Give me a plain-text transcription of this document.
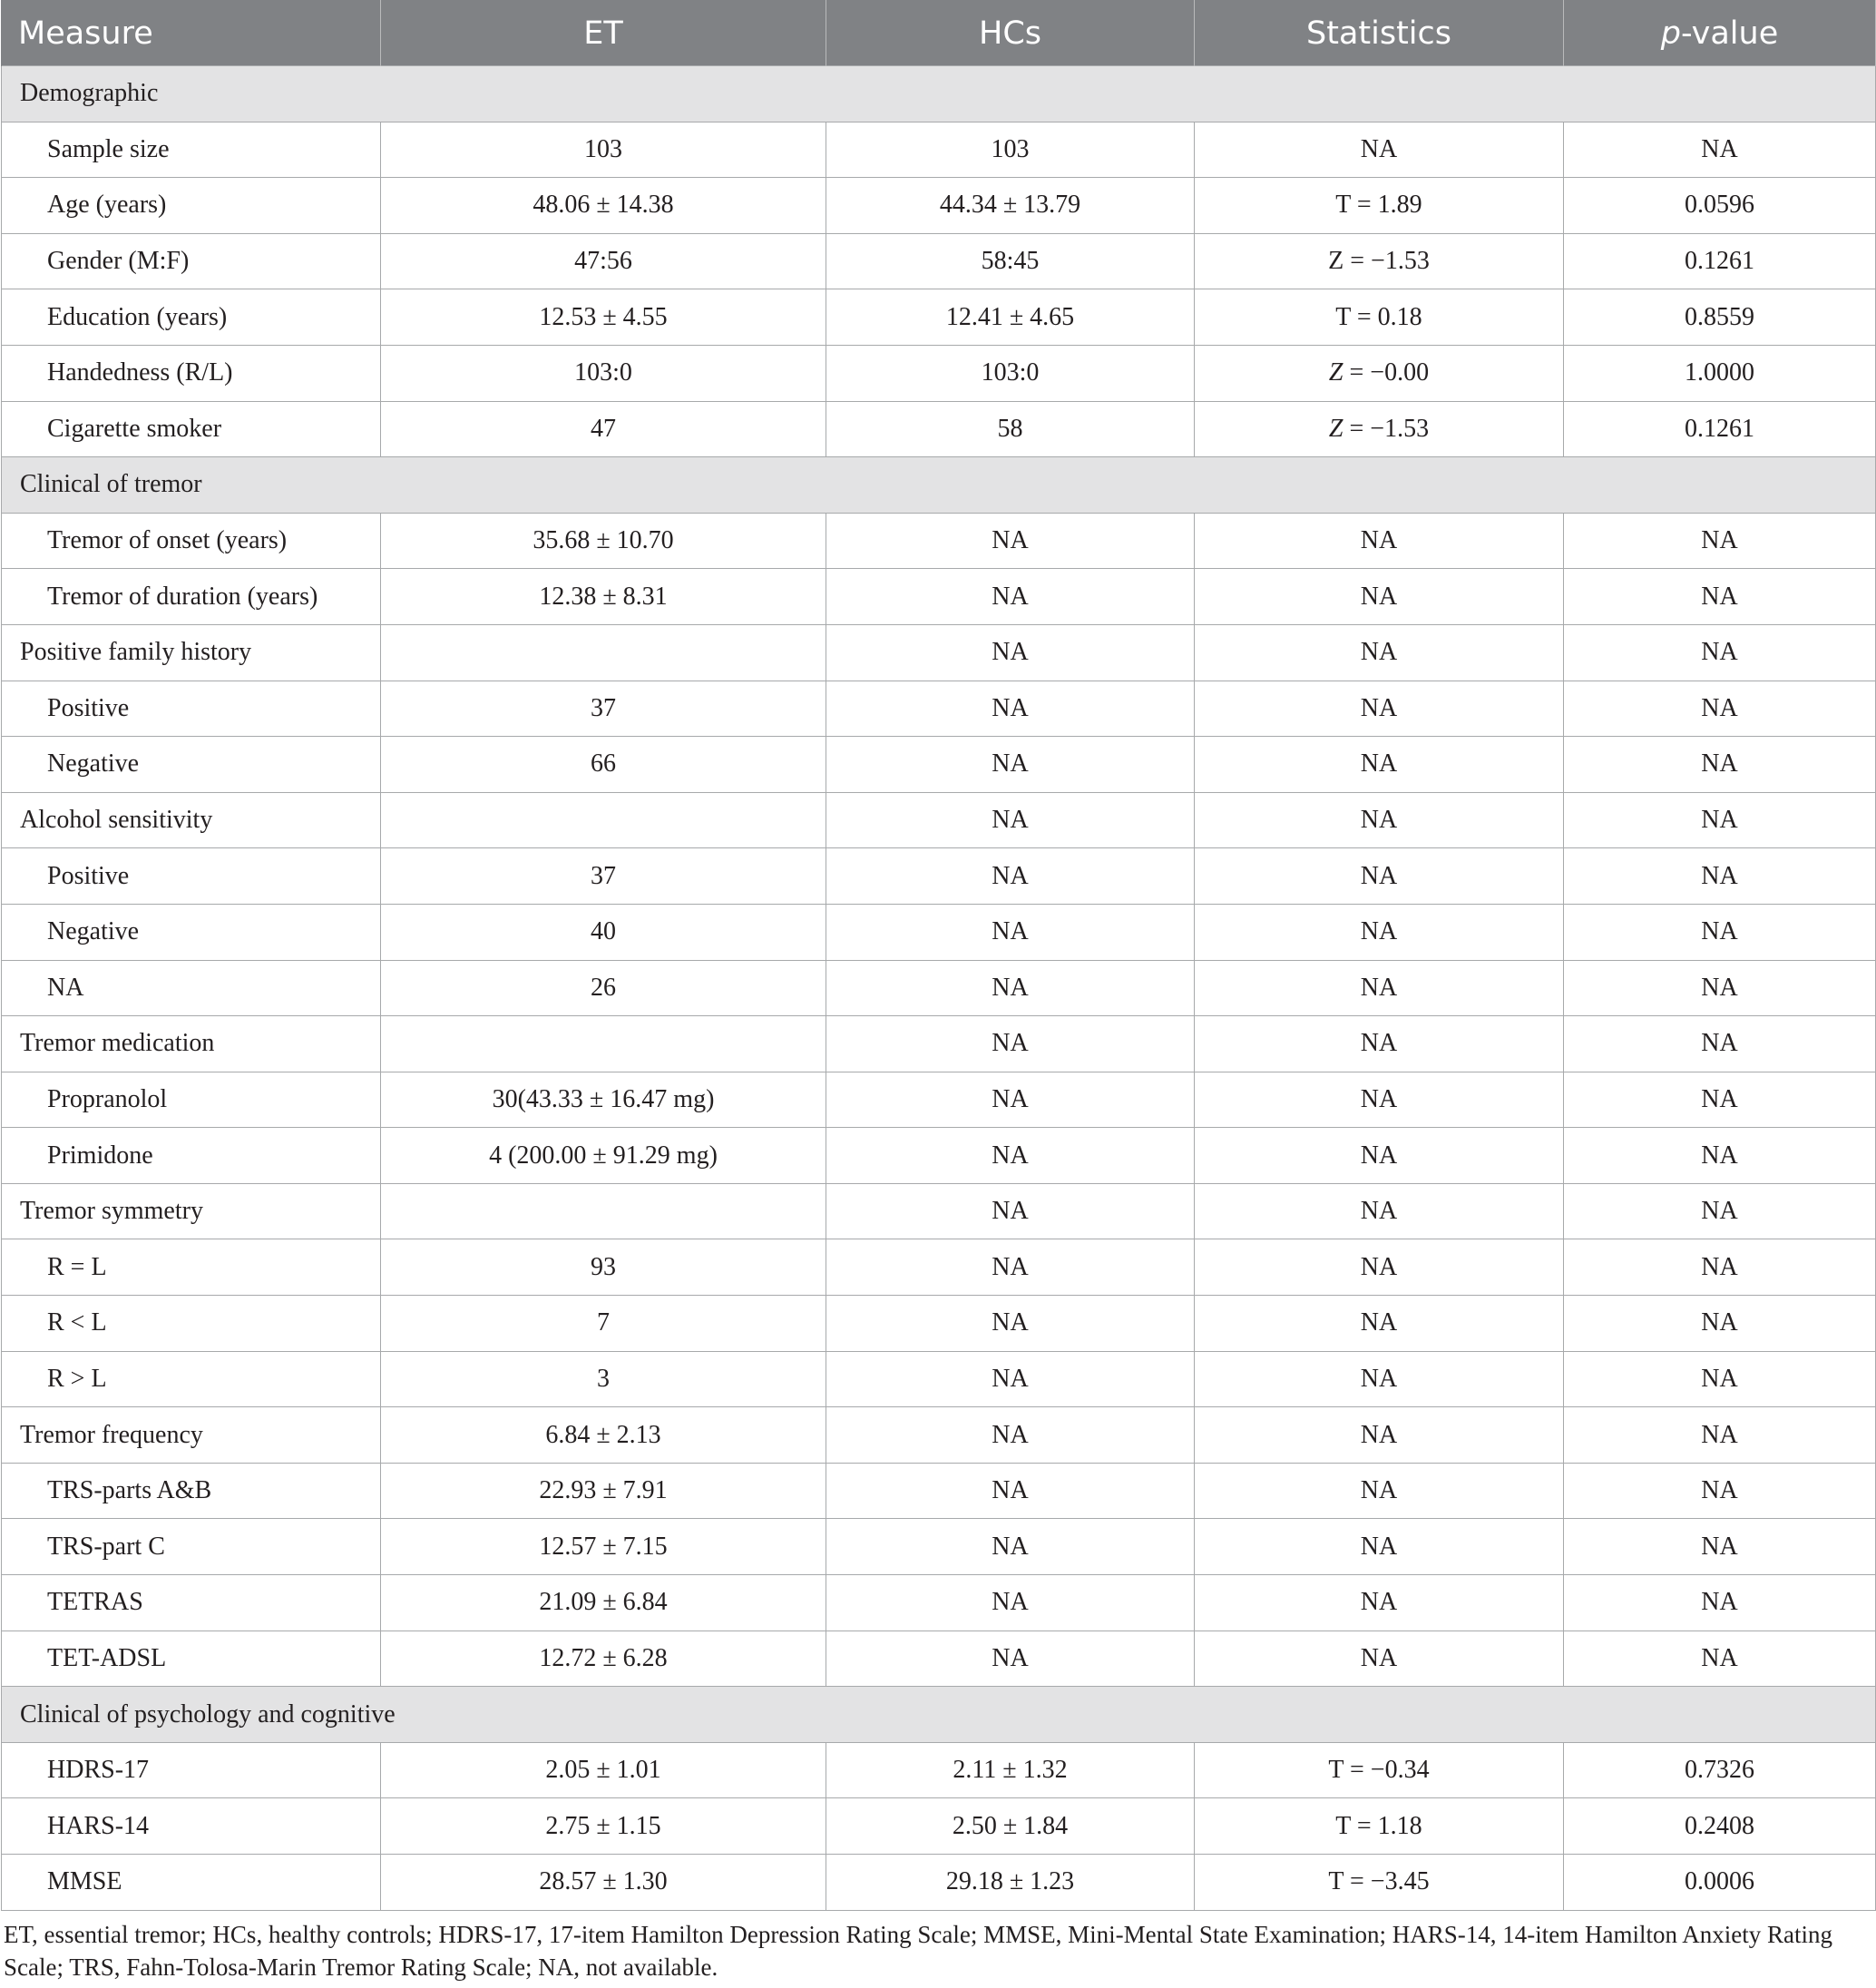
Measure	ET	HCs	Statistics	p-value
Demographic				
Sample size	103	103	NA	NA
Age (years)	48.06 ± 14.38	44.34 ± 13.79	T = 1.89	0.0596
Gender (M:F)	47:56	58:45	Z = −1.53	0.1261
Education (years)	12.53 ± 4.55	12.41 ± 4.65	T = 0.18	0.8559
Handedness (R/L)	103:0	103:0	Z = −0.00	1.0000
Cigarette smoker	47	58	Z = −1.53	0.1261
Clinical of tremor				
Tremor of onset (years)	35.68 ± 10.70	NA	NA	NA
Tremor of duration (years)	12.38 ± 8.31	NA	NA	NA
Positive family history		NA	NA	NA
Positive	37	NA	NA	NA
Negative	66	NA	NA	NA
Alcohol sensitivity		NA	NA	NA
Positive	37	NA	NA	NA
Negative	40	NA	NA	NA
NA	26	NA	NA	NA
Tremor medication		NA	NA	NA
Propranolol	30(43.33 ± 16.47 mg)	NA	NA	NA
Primidone	4 (200.00 ± 91.29 mg)	NA	NA	NA
Tremor symmetry		NA	NA	NA
R = L	93	NA	NA	NA
R < L	7	NA	NA	NA
R > L	3	NA	NA	NA
Tremor frequency	6.84 ± 2.13	NA	NA	NA
TRS-parts A&B	22.93 ± 7.91	NA	NA	NA
TRS-part C	12.57 ± 7.15	NA	NA	NA
TETRAS	21.09 ± 6.84	NA	NA	NA
TET-ADSL	12.72 ± 6.28	NA	NA	NA
Clinical of psychology and cognitive				
HDRS-17	2.05 ± 1.01	2.11 ± 1.32	T = −0.34	0.7326
HARS-14	2.75 ± 1.15	2.50 ± 1.84	T = 1.18	0.2408
MMSE	28.57 ± 1.30	29.18 ± 1.23	T = −3.45	0.0006
ET, essential tremor; HCs, healthy controls; HDRS-17, 17-item Hamilton Depression Rating Scale; MMSE, Mini-Mental State Examination; HARS-14, 14-item Hamilton Anxiety Rating Scale; TRS, Fahn-Tolosa-Marin Tremor Rating Scale; NA, not available.
